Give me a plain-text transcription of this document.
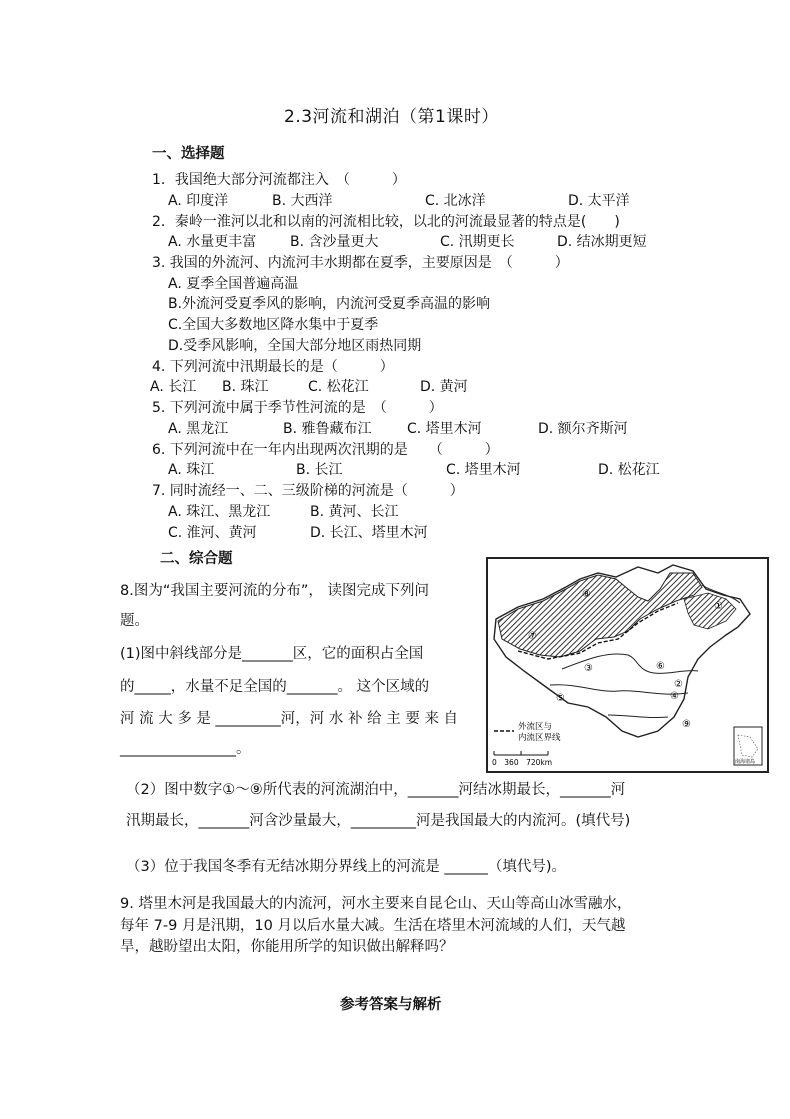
2.3河流和湖泊（第1课时）
一、选择题
1．我国绝大部分河流都注入　（　　　）
A. 印度洋	B. 大西洋	C. 北冰洋	D. 太平洋
2．秦岭一淮河以北和以南的河流相比较，以北的河流最显著的特点是(　　)
A. 水量更丰富 B. 含沙量更大	C. 汛期更长	D. 结冰期更短
3. 我国的外流河、内流河丰水期都在夏季，主要原因是　（　　　）
A. 夏季全国普遍高温
B.外流河受夏季风的影响，内流河受夏季高温的影响
C.全国大多数地区降水集中于夏季
D.受季风影响，全国大部分地区雨热同期
4. 下列河流中汛期最长的是（　　　）
A. 长江 B. 珠江	C. 松花江	D. 黄河
5. 下列河流中属于季节性河流的是　（　　　）
A. 黑龙江	B. 雅鲁藏布江	C. 塔里木河	D. 额尔齐斯河
6. 下列河流中在一年内出现两次汛期的是　　（　　　）
A. 珠江	B. 长江	C. 塔里木河	D. 松花江
7. 同时流经一、二、三级阶梯的河流是（　　　）
A. 珠江、黑龙江	B. 黄河、长江
C. 淮河、黄河	D. 长江、塔里木河
二、综合题
8.图为“我国主要河流的分布”， 读图完成下列问
题。
(1)图中斜线部分是_______区，它的面积占全国
的_____，水量不足全国的_______。 这个区域的
河 流 大 多 是 _________河，河 水 补 给 主 要 来 自
________________。
⑧
⑦
①
③	⑥
②
④
⑤
⑨
外流区与
内流区界线
0　360　720km	南海诸岛
（2）图中数字①～⑨所代表的河流湖泊中，_______河结冰期最长，_______河
汛期最长，_______河含沙量最大，_________河是我国最大的内流河。(填代号)
（3）位于我国冬季有无结冰期分界线上的河流是 ______（填代号)。
9. 塔里木河是我国最大的内流河，河水主要来自昆仑山、天山等高山冰雪融水，
每年 7-9 月是汛期，10 月以后水量大减。生活在塔里木河流域的人们，天气越
旱，越盼望出太阳，你能用所学的知识做出解释吗？
参考答案与解析
